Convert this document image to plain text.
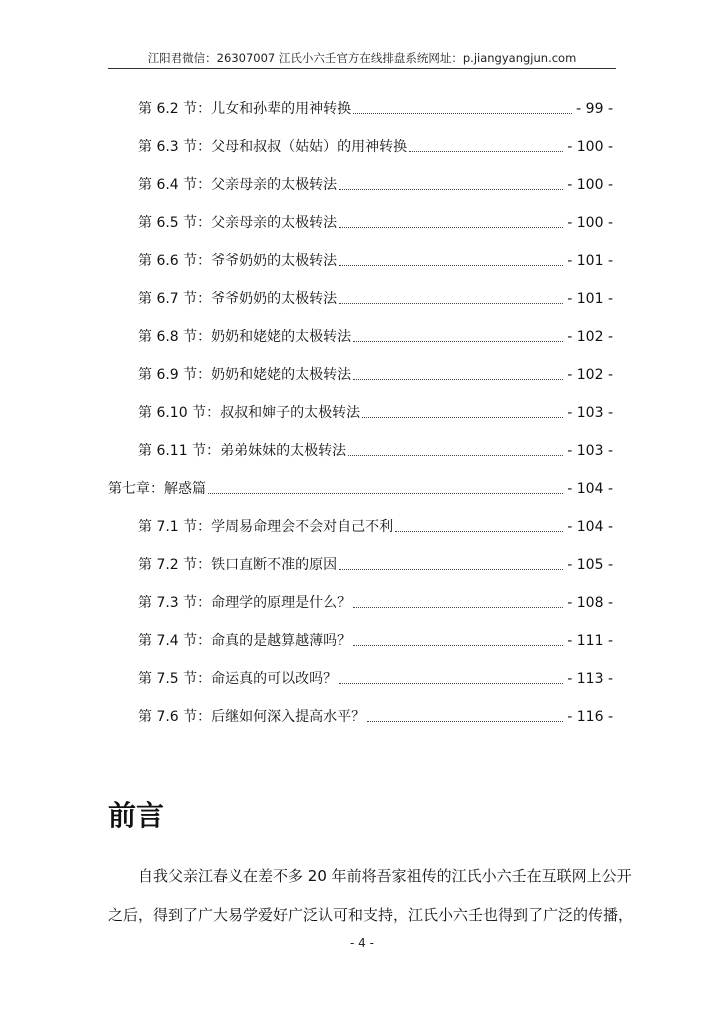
江阳君微信：26307007 江氏小六壬官方在线排盘系统网址：p.jiangyangjun.com
第 6.2 节：儿女和孙辈的用神转换	- 99 -
第 6.3 节：父母和叔叔（姑姑）的用神转换	- 100 -
第 6.4 节：父亲母亲的太极转法	- 100 -
第 6.5 节：父亲母亲的太极转法	- 100 -
第 6.6 节：爷爷奶奶的太极转法	- 101 -
第 6.7 节：爷爷奶奶的太极转法	- 101 -
第 6.8 节：奶奶和姥姥的太极转法	- 102 -
第 6.9 节：奶奶和姥姥的太极转法	- 102 -
第 6.10 节：叔叔和婶子的太极转法	- 103 -
第 6.11 节：弟弟妹妹的太极转法	- 103 -
第七章：解惑篇	- 104 -
第 7.1 节：学周易命理会不会对自己不利	- 104 -
第 7.2 节：铁口直断不准的原因	- 105 -
第 7.3 节：命理学的原理是什么？	- 108 -
第 7.4 节：命真的是越算越薄吗？	- 111 -
第 7.5 节：命运真的可以改吗？	- 113 -
第 7.6 节：后继如何深入提高水平？	- 116 -
前言

自我父亲江春义在差不多 20 年前将吾家祖传的江氏小六壬在互联网上公开

之后，得到了广大易学爱好广泛认可和支持，江氏小六壬也得到了广泛的传播，

- 4 -
